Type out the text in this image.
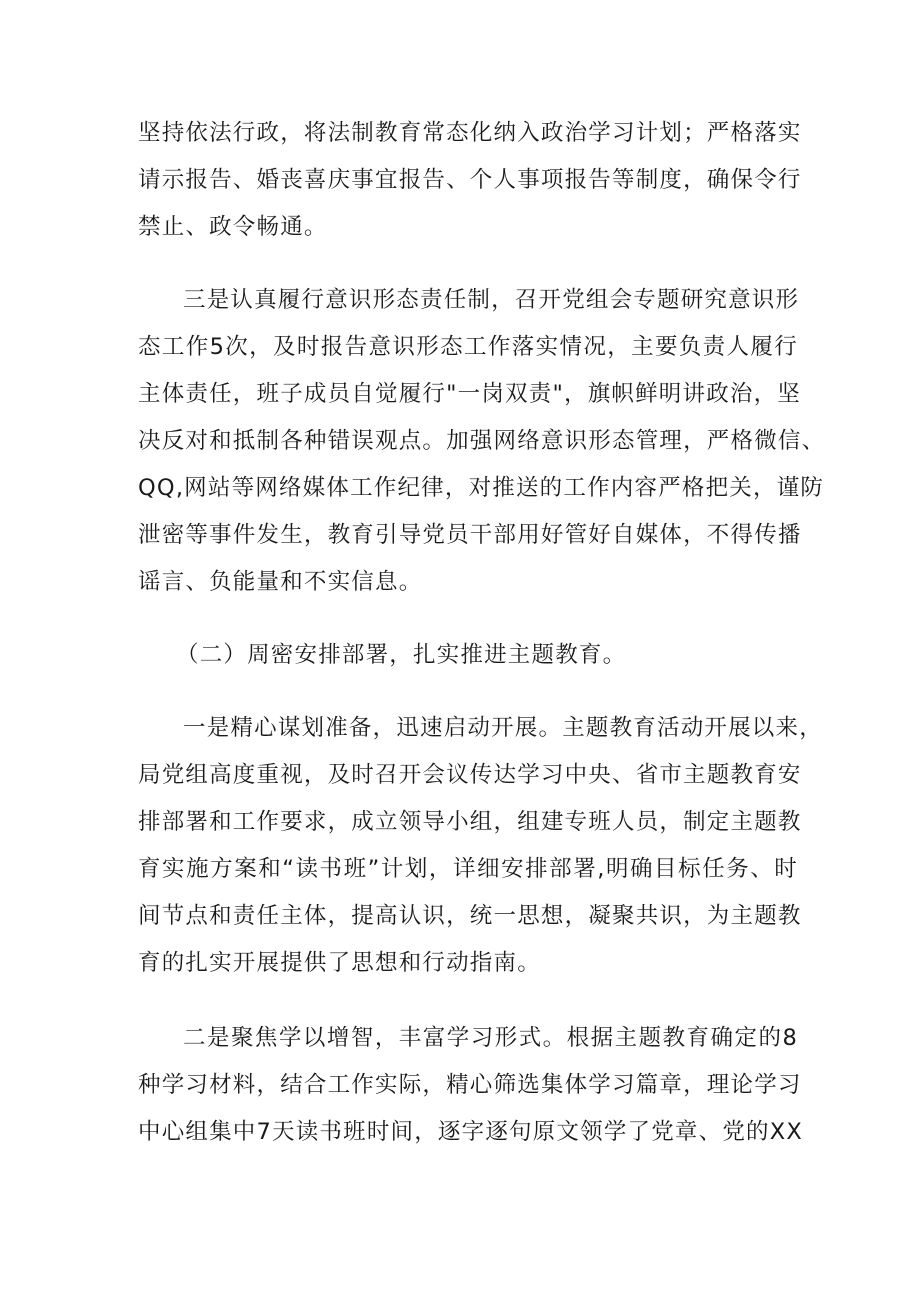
坚持依法行政，将法制教育常态化纳入政治学习计划；严格落实
请示报告、婚丧喜庆事宜报告、个人事项报告等制度，确保令行
禁止、政令畅通。
三是认真履行意识形态责任制，召开党组会专题研究意识形
态工作5次，及时报告意识形态工作落实情况，主要负责人履行
主体责任，班子成员自觉履行"一岗双责"，旗帜鲜明讲政治，坚
决反对和抵制各种错误观点。加强网络意识形态管理，严格微信、
QQ,网站等网络媒体工作纪律，对推送的工作内容严格把关，谨防
泄密等事件发生，教育引导党员干部用好管好自媒体，不得传播
谣言、负能量和不实信息。
（二）周密安排部署，扎实推进主题教育。
一是精心谋划准备，迅速启动开展。主题教育活动开展以来，
局党组高度重视，及时召开会议传达学习中央、省市主题教育安
排部署和工作要求，成立领导小组，组建专班人员，制定主题教
育实施方案和“读书班”计划，详细安排部署,明确目标任务、时
间节点和责任主体，提高认识，统一思想，凝聚共识，为主题教
育的扎实开展提供了思想和行动指南。
二是聚焦学以增智，丰富学习形式。根据主题教育确定的8
种学习材料，结合工作实际，精心筛选集体学习篇章，理论学习
中心组集中7天读书班时间，逐字逐句原文领学了党章、党的XX
